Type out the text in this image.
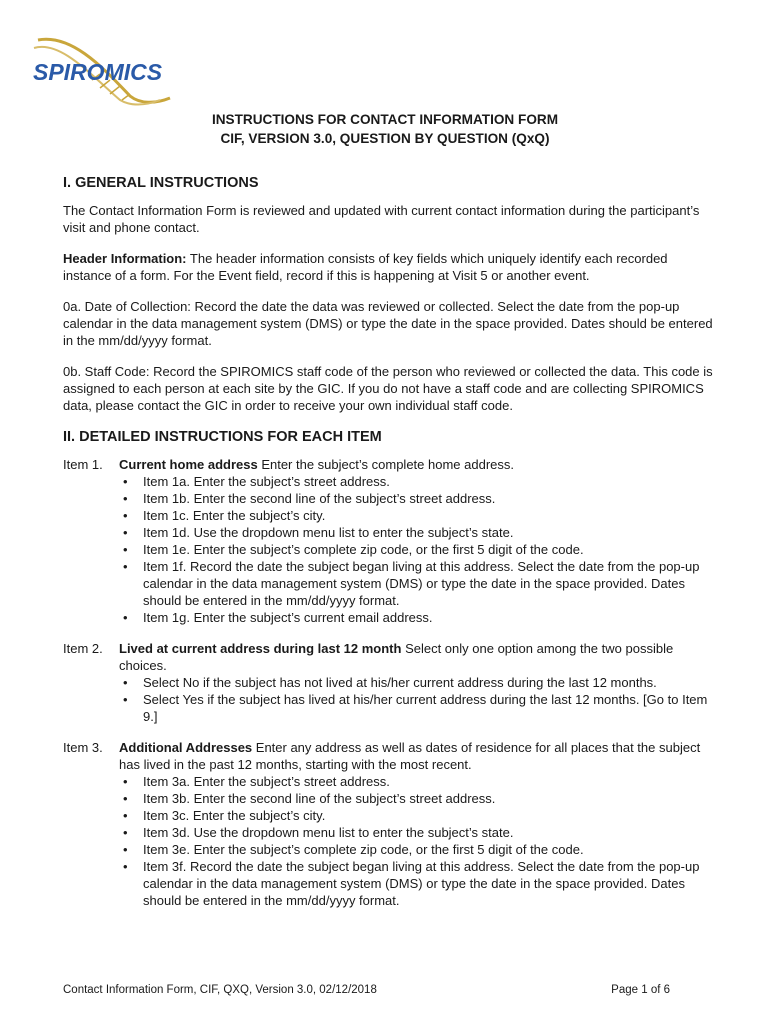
SPIROMICS
INSTRUCTIONS FOR CONTACT INFORMATION FORM
CIF, VERSION 3.0, QUESTION BY QUESTION (QxQ)
I. GENERAL INSTRUCTIONS

The Contact Information Form is reviewed and updated with current contact information during the participant’s visit and phone contact.

Header Information: The header information consists of key fields which uniquely identify each recorded instance of a form. For the Event field, record if this is happening at Visit 5 or another event.

0a. Date of Collection: Record the date the data was reviewed or collected. Select the date from the pop-up calendar in the data management system (DMS) or type the date in the space provided. Dates should be entered in the mm/dd/yyyy format.

0b. Staff Code: Record the SPIROMICS staff code of the person who reviewed or collected the data. This code is assigned to each person at each site by the GIC. If you do not have a staff code and are collecting SPIROMICS data, please contact the GIC in order to receive your own individual staff code.

II. DETAILED INSTRUCTIONS FOR EACH ITEM
Item 1.	Current home address Enter the subject’s complete home address.
• Item 1a. Enter the subject’s street address.
• Item 1b. Enter the second line of the subject’s street address.
• Item 1c. Enter the subject’s city.
• Item 1d. Use the dropdown menu list to enter the subject’s state.
• Item 1e. Enter the subject’s complete zip code, or the first 5 digit of the code.
• Item 1f. Record the date the subject began living at this address. Select the date from the pop-up calendar in the data management system (DMS) or type the date in the space provided. Dates should be entered in the mm/dd/yyyy format.
• Item 1g. Enter the subject’s current email address.
Item 2.	Lived at current address during last 12 month Select only one option among the two possible choices.
• Select No if the subject has not lived at his/her current address during the last 12 months.
• Select Yes if the subject has lived at his/her current address during the last 12 months. [Go to Item 9.]
Item 3.	Additional Addresses Enter any address as well as dates of residence for all places that the subject has lived in the past 12 months, starting with the most recent.
• Item 3a. Enter the subject’s street address.
• Item 3b. Enter the second line of the subject’s street address.
• Item 3c. Enter the subject’s city.
• Item 3d. Use the dropdown menu list to enter the subject’s state.
• Item 3e. Enter the subject’s complete zip code, or the first 5 digit of the code.
• Item 3f. Record the date the subject began living at this address. Select the date from the pop-up calendar in the data management system (DMS) or type the date in the space provided. Dates should be entered in the mm/dd/yyyy format.
Contact Information Form, CIF, QXQ, Version 3.0, 02/12/2018	Page 1 of 6
